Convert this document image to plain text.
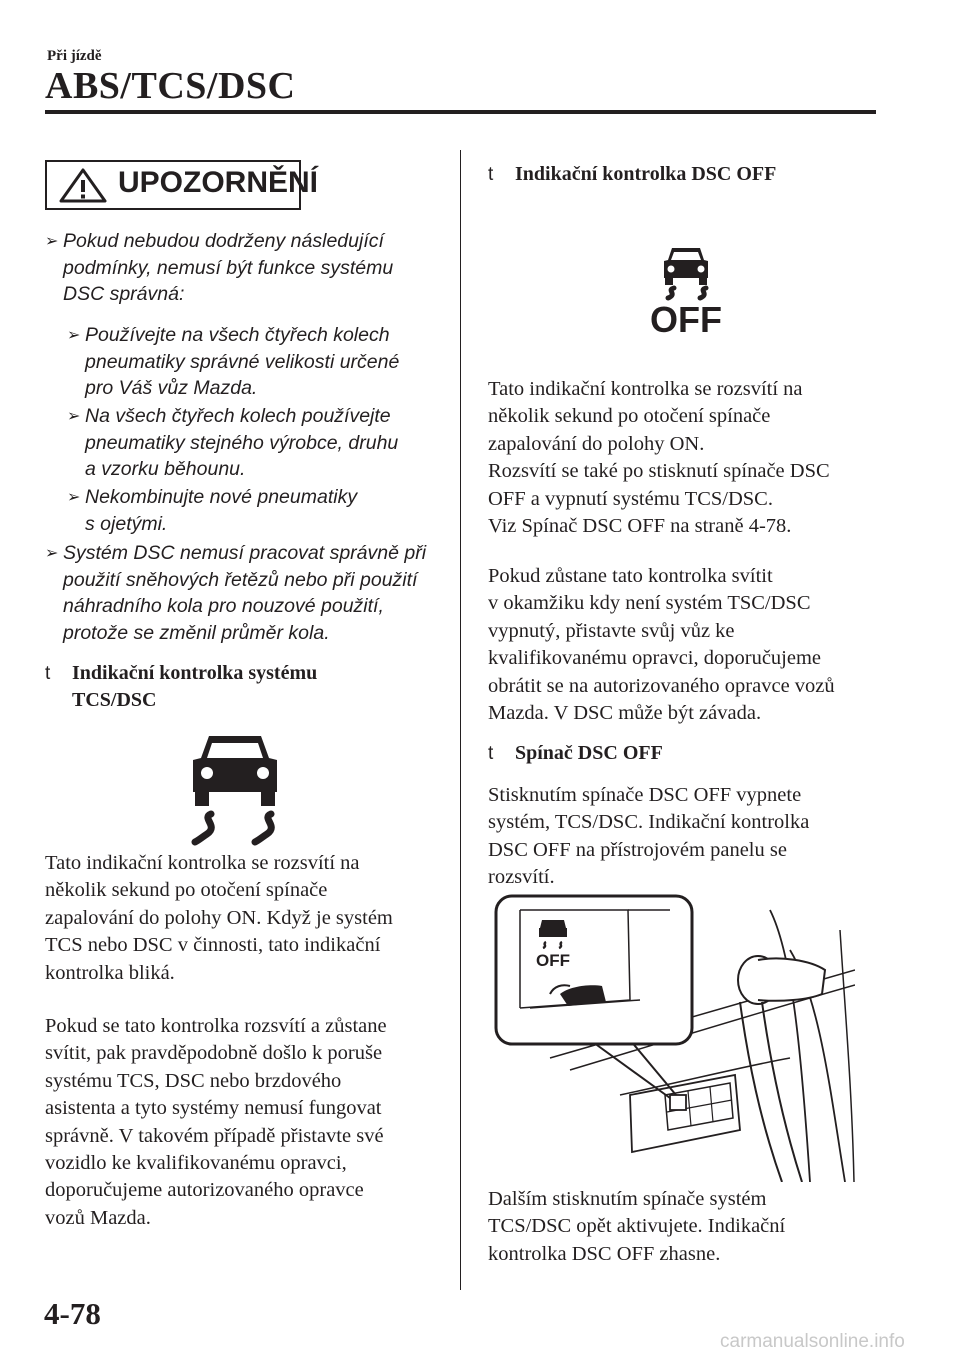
Při jízdě
ABS/TCS/DSC
UPOZORNĚNÍ
➢ Pokud nebudou dodrženy následující
podmínky, nemusí být funkce systému
DSC správná:
➢ Používejte na všech čtyřech kolech
pneumatiky správné velikosti určené
pro Váš vůz Mazda.
➢ Na všech čtyřech kolech používejte
pneumatiky stejného výrobce, druhu
a vzorku běhounu.
➢ Nekombinujte nové pneumatiky
s ojetými.
➢ Systém DSC nemusí pracovat správně při
použití sněhových řetězů nebo při použití
náhradního kola pro nouzové použití,
protože se změnil průměr kola.
t	Indikační kontrolka systému
TCS/DSC
Tato indikační kontrolka se rozsvítí na
několik sekund po otočení spínače
zapalování do polohy ON. Když je systém
TCS nebo DSC v činnosti, tato indikační
kontrolka bliká.
Pokud se tato kontrolka rozsvítí a zůstane
svítit, pak pravděpodobně došlo k poruše
systému TCS, DSC nebo brzdového
asistenta a tyto systémy nemusí fungovat
správně. V takovém případě přistavte své
vozidlo ke kvalifikovanému opravci,
doporučujeme autorizovaného opravce
vozů Mazda.
t	Indikační kontrolka DSC OFF
OFF
Tato indikační kontrolka se rozsvítí na
několik sekund po otočení spínače
zapalování do polohy ON.
Rozsvítí se také po stisknutí spínače DSC
OFF a vypnutí systému TCS/DSC.
Viz Spínač DSC OFF na straně 4-78.
Pokud zůstane tato kontrolka svítit
v okamžiku kdy není systém TSC/DSC
vypnutý, přistavte svůj vůz ke
kvalifikovanému opravci, doporučujeme
obrátit se na autorizovaného opravce vozů
Mazda. V DSC může být závada.
t	Spínač DSC OFF
Stisknutím spínače DSC OFF vypnete
systém, TCS/DSC. Indikační kontrolka
DSC OFF na přístrojovém panelu se
rozsvítí.
OFF
Dalším stisknutím spínače systém
TCS/DSC opět aktivujete. Indikační
kontrolka DSC OFF zhasne.
4-78
carmanualsonline.info
